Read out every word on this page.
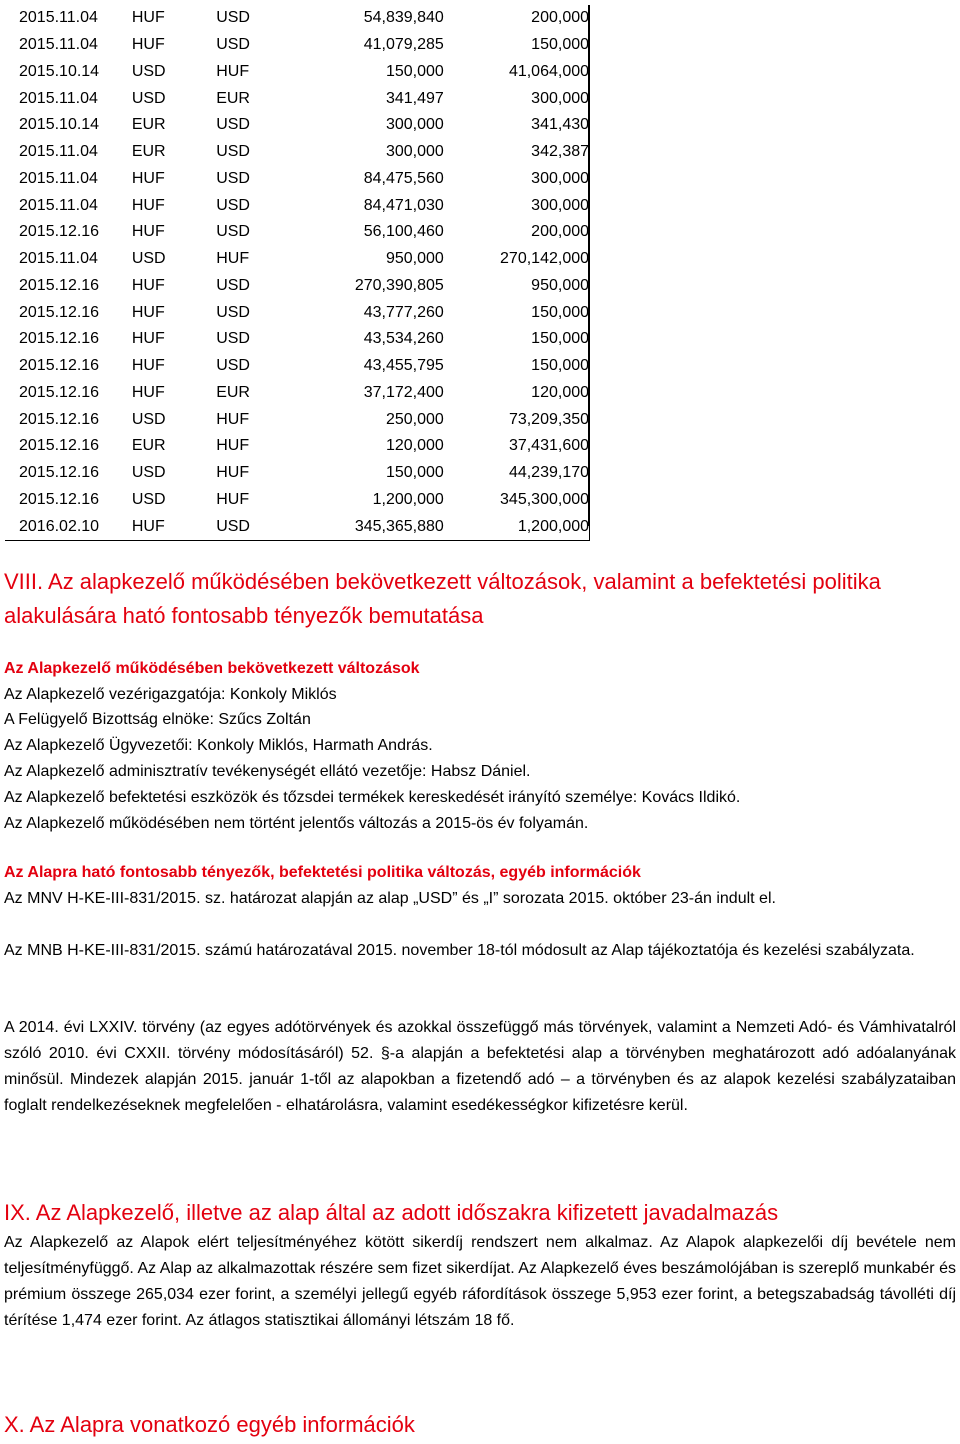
2015.11.04	HUF	USD	54,839,840	200,000
2015.11.04	HUF	USD	41,079,285	150,000
2015.10.14	USD	HUF	150,000	41,064,000
2015.11.04	USD	EUR	341,497	300,000
2015.10.14	EUR	USD	300,000	341,430
2015.11.04	EUR	USD	300,000	342,387
2015.11.04	HUF	USD	84,475,560	300,000
2015.11.04	HUF	USD	84,471,030	300,000
2015.12.16	HUF	USD	56,100,460	200,000
2015.11.04	USD	HUF	950,000	270,142,000
2015.12.16	HUF	USD	270,390,805	950,000
2015.12.16	HUF	USD	43,777,260	150,000
2015.12.16	HUF	USD	43,534,260	150,000
2015.12.16	HUF	USD	43,455,795	150,000
2015.12.16	HUF	EUR	37,172,400	120,000
2015.12.16	USD	HUF	250,000	73,209,350
2015.12.16	EUR	HUF	120,000	37,431,600
2015.12.16	USD	HUF	150,000	44,239,170
2015.12.16	USD	HUF	1,200,000	345,300,000
2016.02.10	HUF	USD	345,365,880	1,200,000
VIII. Az alapkezelő működésében bekövetkezett változások, valamint a befektetési politika alakulására ható fontosabb tényezők bemutatása
Az Alapkezelő működésében bekövetkezett változások

Az Alapkezelő vezérigazgatója: Konkoly Miklós

A Felügyelő Bizottság elnöke: Szűcs Zoltán

Az Alapkezelő Ügyvezetői: Konkoly Miklós, Harmath András.

Az Alapkezelő adminisztratív tevékenységét ellátó vezetője: Habsz Dániel.

Az Alapkezelő befektetési eszközök és tőzsdei termékek kereskedését irányító személye: Kovács Ildikó.

Az Alapkezelő működésében nem történt jelentős változás a 2015-ös év folyamán.

Az Alapra ható fontosabb tényezők, befektetési politika változás, egyéb információk

Az MNV H-KE-III-831/2015. sz. határozat alapján az alap „USD” és „I” sorozata 2015. október 23-án indult el.

Az MNB H-KE-III-831/2015. számú határozatával 2015. november 18-tól módosult az Alap tájékoztatója és kezelési szabályzata.

A 2014. évi LXXIV. törvény (az egyes adótörvények és azokkal összefüggő más törvények, valamint a Nemzeti Adó- és Vámhivatalról szóló 2010. évi CXXII. törvény módosításáról) 52. §-a alapján a befektetési alap a törvényben meghatározott adó adóalanyának minősül. Mindezek alapján 2015. január 1-től az alapokban a fizetendő adó – a törvényben és az alapok kezelési szabályzataiban foglalt rendelkezéseknek megfelelően - elhatárolásra, valamint esedékességkor kifizetésre kerül.

IX. Az Alapkezelő, illetve az alap által az adott időszakra kifizetett javadalmazás

Az Alapkezelő az Alapok elért teljesítményéhez kötött sikerdíj rendszert nem alkalmaz. Az Alapok alapkezelői díj bevétele nem teljesítményfüggő. Az Alap az alkalmazottak részére sem fizet sikerdíjat. Az Alapkezelő éves beszámolójában is szereplő munkabér és prémium összege 265,034 ezer forint, a személyi jellegű egyéb ráfordítások összege 5,953 ezer forint, a betegszabadság távolléti díj térítése 1,474 ezer forint. Az átlagos statisztikai állományi létszám 18 fő.

X. Az Alapra vonatkozó egyéb információk
